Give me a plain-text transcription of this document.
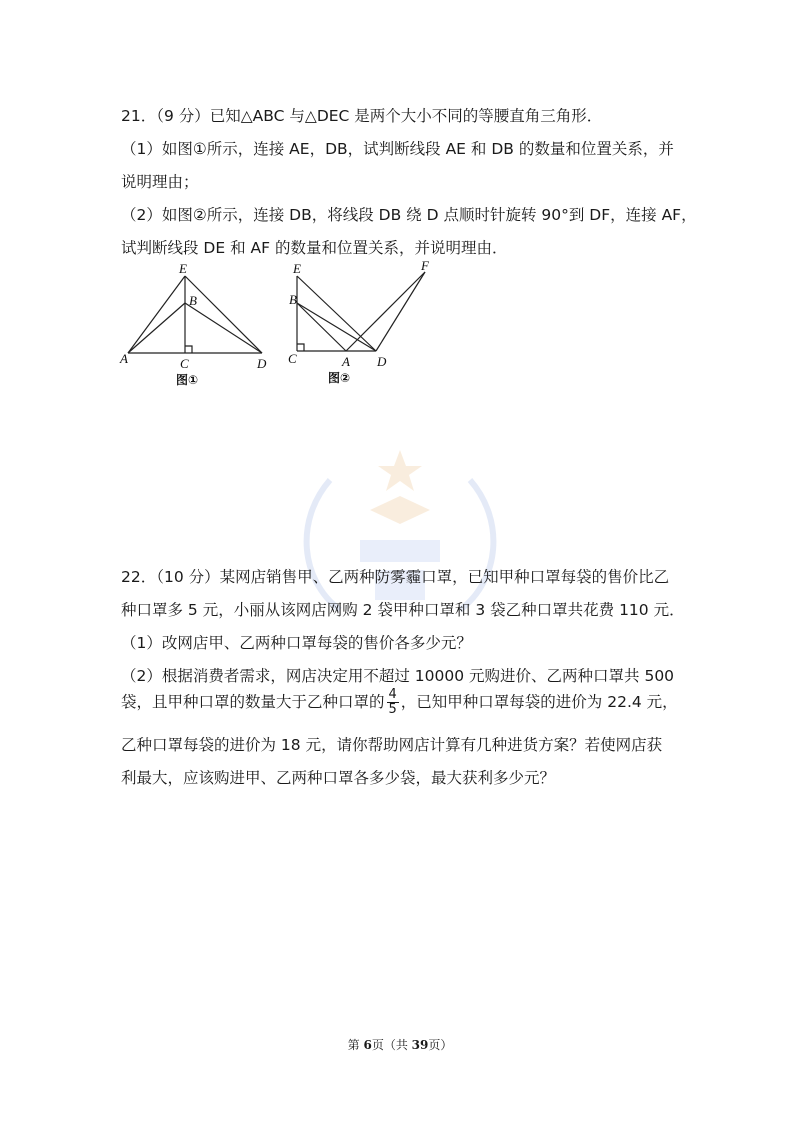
21．（9 分）已知△ABC 与△DEC 是两个大小不同的等腰直角三角形．
（1）如图①所示，连接 AE，DB，试判断线段 AE 和 DB 的数量和位置关系，并
说明理由；
（2）如图②所示，连接 DB，将线段 DB 绕 D 点顺时针旋转 90°到 DF，连接 AF，
试判断线段 DE 和 AF 的数量和位置关系，并说明理由．
E
B
A	C	D
图①
E
B
F
C	A D
图②
22．（10 分）某网店销售甲、乙两种防雾霾口罩，已知甲种口罩每袋的售价比乙
种口罩多 5 元，小丽从该网店网购 2 袋甲种口罩和 3 袋乙种口罩共花费 110 元．
（1）改网店甲、乙两种口罩每袋的售价各多少元？
（2）根据消费者需求，网店决定用不超过 10000 元购进价、乙两种口罩共 500
袋，且甲种口罩的数量大于乙种口罩的 $\frac{4}{5}$ ，已知甲种口罩每袋的进价为 22.4 元，
乙种口罩每袋的进价为 18 元，请你帮助网店计算有几种进货方案？若使网店获
利最大，应该购进甲、乙两种口罩各多少袋，最大获利多少元？
第 6页（共 39页）
